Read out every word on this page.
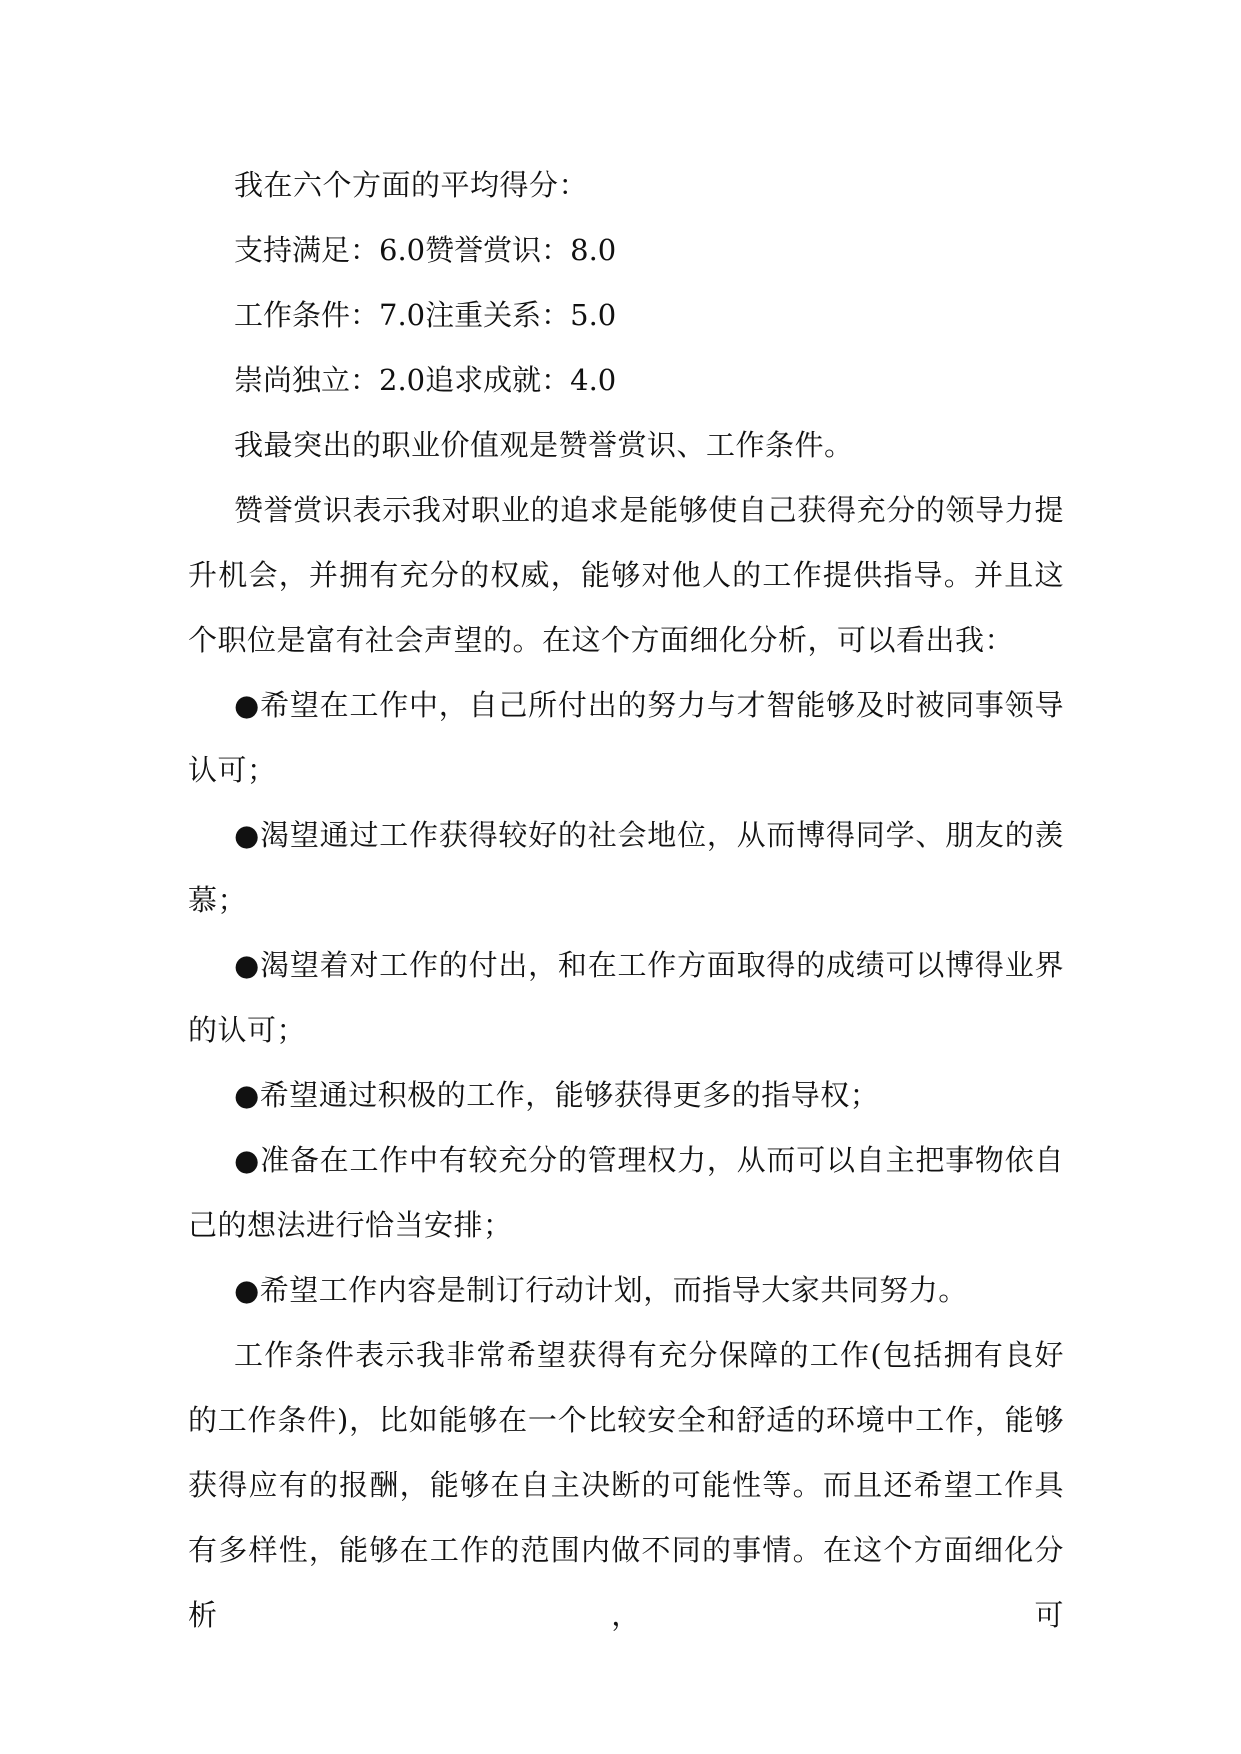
我在六个方面的平均得分：

支持满足：6.0赞誉赏识：8.0

工作条件：7.0注重关系：5.0

崇尚独立：2.0追求成就：4.0

我最突出的职业价值观是赞誉赏识、工作条件。

赞誉赏识表示我对职业的追求是能够使自己获得充分的领导力提升机会，并拥有充分的权威，能够对他人的工作提供指导。并且这个职位是富有社会声望的。在这个方面细化分析，可以看出我：

●希望在工作中，自己所付出的努力与才智能够及时被同事领导认可；

●渴望通过工作获得较好的社会地位，从而博得同学、朋友的羡慕；

●渴望着对工作的付出，和在工作方面取得的成绩可以博得业界的认可；

●希望通过积极的工作，能够获得更多的指导权；

●准备在工作中有较充分的管理权力，从而可以自主把事物依自己的想法进行恰当安排；

●希望工作内容是制订行动计划，而指导大家共同努力。

工作条件表示我非常希望获得有充分保障的工作(包括拥有良好的工作条件)，比如能够在一个比较安全和舒适的环境中工作，能够获得应有的报酬，能够在自主决断的可能性等。而且还希望工作具有多样性，能够在工作的范围内做不同的事情。在这个方面细化分析，可
